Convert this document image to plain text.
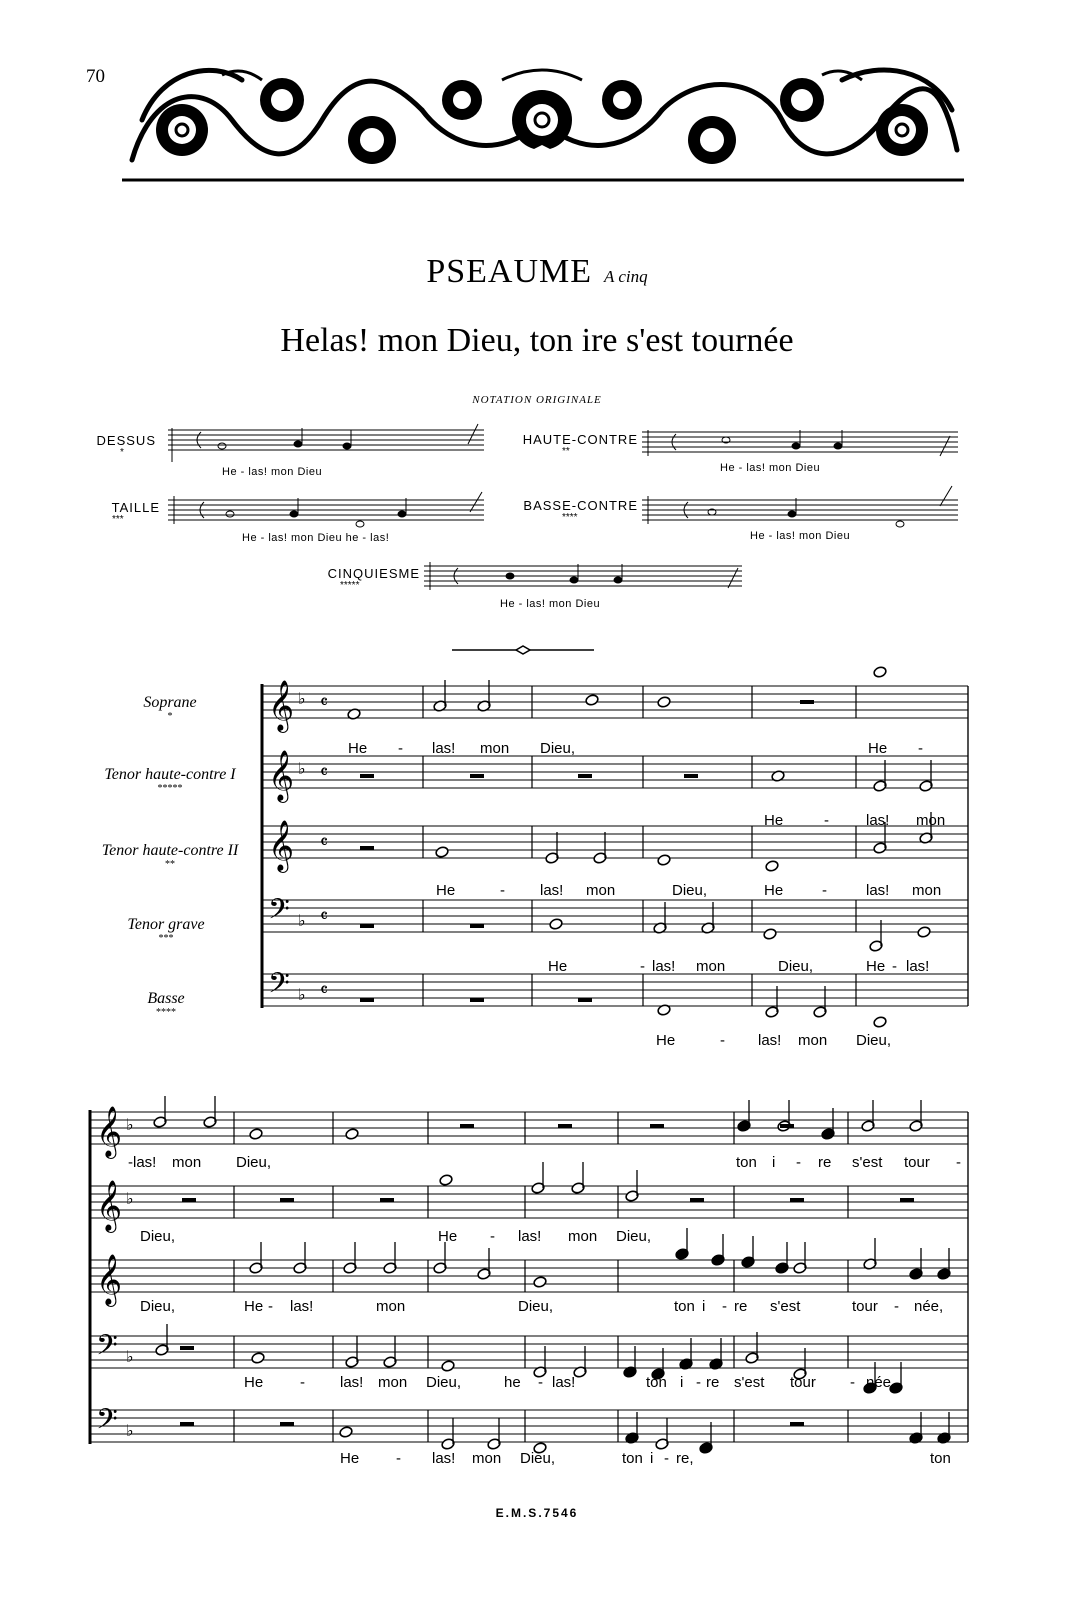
70
PSEAUME A cinq
Helas! mon Dieu, ton ire s'est tournée
NOTATION ORIGINALE
DESSUS
*
He - las! mon Dieu
HAUTE-CONTRE
**
He - las! mon Dieu
TAILLE
***
He - las! mon Dieu he - las!
BASSE-CONTRE
****
He - las! mon Dieu
CINQUIESME
*****
He - las! mon Dieu
Soprane
*
Tenor haute-contre I
*****
Tenor haute-contre II
**
Tenor grave
***
Basse
****
𝄞 ♭
𝄞 ♭
𝄞
𝄢 ♭
𝄢 ♭
𝄴
𝄴
𝄴
𝄴
𝄴
𝄞 ♭
𝄞 ♭
𝄞
𝄢 ♭
𝄢 ♭
He - las! mon Dieu,	He -
He	- las! mon
He	- las! mon	Dieu,	He	-	las! mon
He	- las! mon	Dieu,	He - las!
He	- las! mon Dieu,
-las! mon Dieu,	ton i - re s'est tour -
Dieu,	He - las! mon Dieu,
Dieu,	He - las!	mon	Dieu,	ton i - re s'est	tour - née,
He - las! mon Dieu,	he - las!	ton i - re s'est tour - née,
He - las! mon Dieu,	ton i - re,	ton
E.M.S.7546
